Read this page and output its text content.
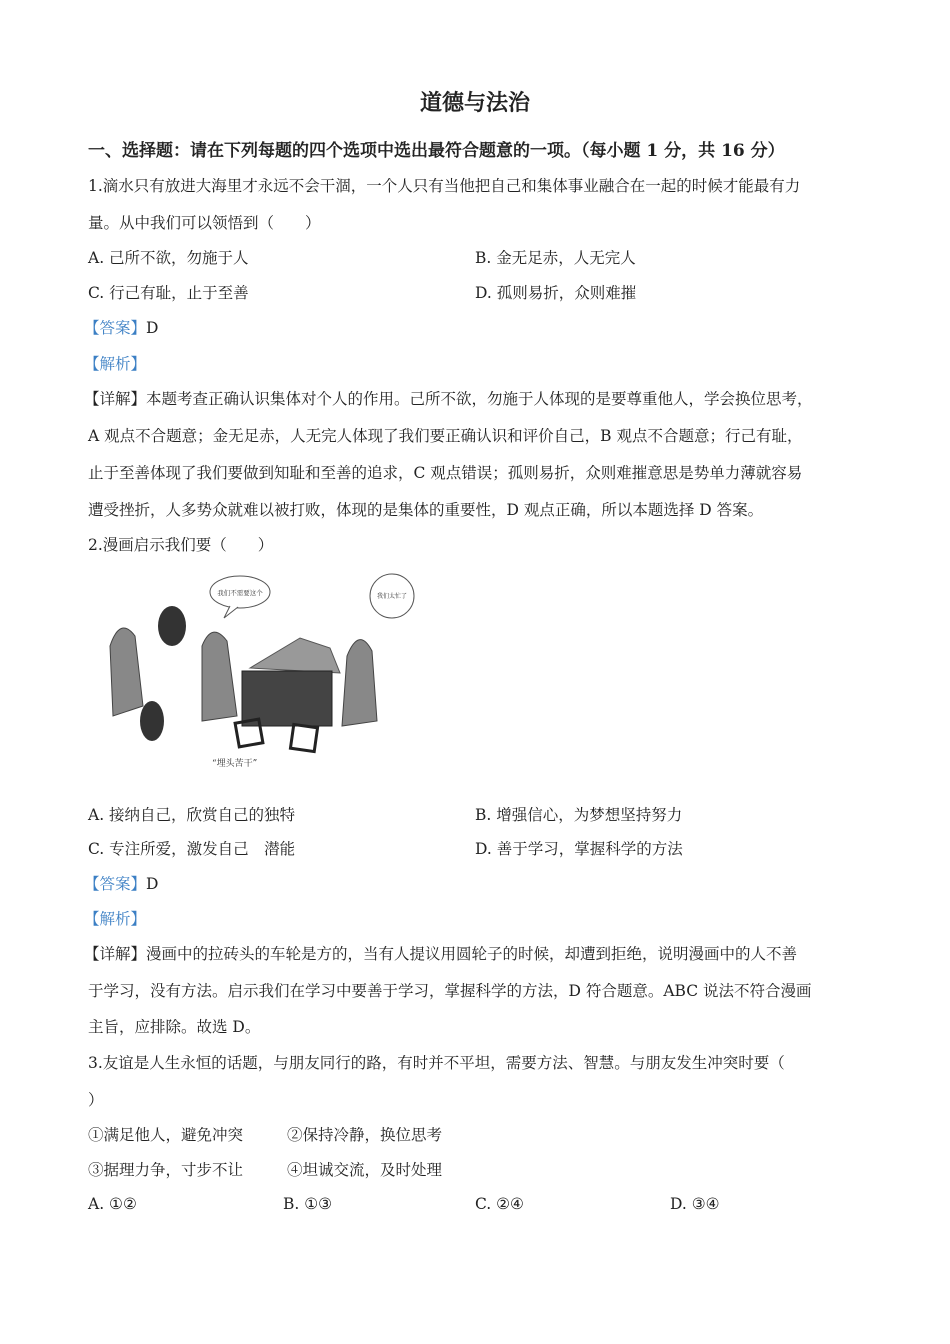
道德与法治
一、选择题：请在下列每题的四个选项中选出最符合题意的一项。（每小题 1 分，共 16 分）
1.滴水只有放进大海里才永远不会干涸，一个人只有当他把自己和集体事业融合在一起的时候才能最有力
量。从中我们可以领悟到（　　）
A. 己所不欲，勿施于人	B. 金无足赤，人无完人
C. 行己有耻，止于至善	D. 孤则易折，众则难摧
【答案】D
【解析】
【详解】本题考查正确认识集体对个人的作用。己所不欲，勿施于人体现的是要尊重他人，学会换位思考，
A 观点不合题意；金无足赤，人无完人体现了我们要正确认识和评价自己，B 观点不合题意；行己有耻，
止于至善体现了我们要做到知耻和至善的追求，C 观点错误；孤则易折，众则难摧意思是势单力薄就容易
遭受挫折，人多势众就难以被打败，体现的是集体的重要性，D 观点正确，所以本题选择 D 答案。
2.漫画启示我们要（　　）
我们不需要这个	我们太忙了
“埋头苦干”
A. 接纳自己，欣赏自己的独特	B. 增强信心，为梦想坚持努力
C. 专注所爱，激发自己　潜能	D. 善于学习，掌握科学的方法
【答案】D
【解析】
【详解】漫画中的拉砖头的车轮是方的，当有人提议用圆轮子的时候，却遭到拒绝，说明漫画中的人不善
于学习，没有方法。启示我们在学习中要善于学习，掌握科学的方法，D 符合题意。ABC 说法不符合漫画
主旨，应排除。故选 D。
3.友谊是人生永恒的话题，与朋友同行的路，有时并不平坦，需要方法、智慧。与朋友发生冲突时要（
）
①满足他人，避免冲突	②保持冷静，换位思考
③据理力争，寸步不让	④坦诚交流，及时处理
A. ①②	B. ①③	C. ②④	D. ③④
